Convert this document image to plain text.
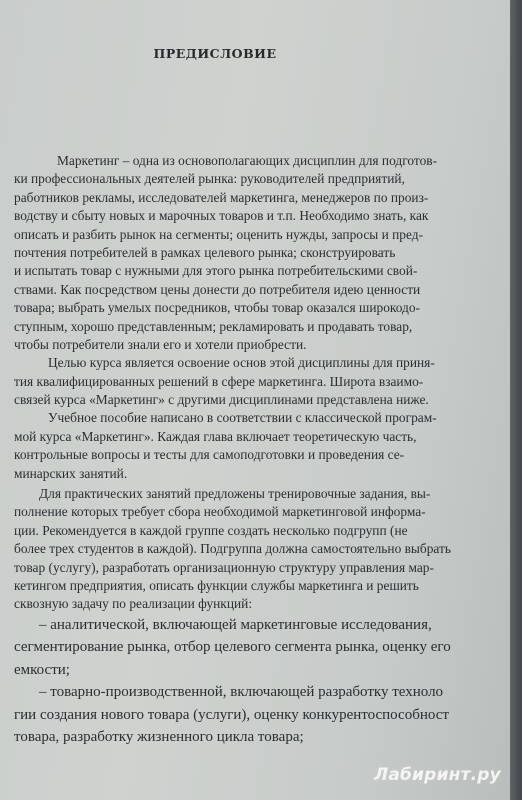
ПРЕДИСЛОВИЕ
Маркетинг – одна из основополагающих дисциплин для подготов-
ки профессиональных деятелей рынка: руководителей предприятий,
работников рекламы, исследователей маркетинга, менеджеров по произ-
водству и сбыту новых и марочных товаров и т.п. Необходимо знать, как
описать и разбить рынок на сегменты; оценить нужды, запросы и пред-
почтения потребителей в рамках целевого рынка; сконструировать
и испытать товар с нужными для этого рынка потребительскими свой-
ствами. Как посредством цены донести до потребителя идею ценности
товара; выбрать умелых посредников, чтобы товар оказался широкодо-
ступным, хорошо представленным; рекламировать и продавать товар,
чтобы потребители знали его и хотели приобрести.
Целью курса является освоение основ этой дисциплины для приня-
тия квалифицированных решений в сфере маркетинга. Широта взаимо-
связей курса «Маркетинг» с другими дисциплинами представлена ниже.
Учебное пособие написано в соответствии с классической програм-
мой курса «Маркетинг». Каждая глава включает теоретическую часть,
контрольные вопросы и тесты для самоподготовки и проведения се-
минарских занятий.
Для практических занятий предложены тренировочные задания, вы-
полнение которых требует сбора необходимой маркетинговой информа-
ции. Рекомендуется в каждой группе создать несколько подгрупп (не
более трех студентов в каждой). Подгруппа должна самостоятельно выбрать
товар (услугу), разработать организационную структуру управления мар-
кетингом предприятия, описать функции службы маркетинга и решить
сквозную задачу по реализации функций:
– аналитической, включающей маркетинговые исследования,
сегментирование рынка, отбор целевого сегмента рынка, оценку его
емкости;
– товарно-производственной, включающей разработку техноло
гии создания нового товара (услуги), оценку конкурентоспособност
товара, разработку жизненного цикла товара;
Лабиринт.ру
